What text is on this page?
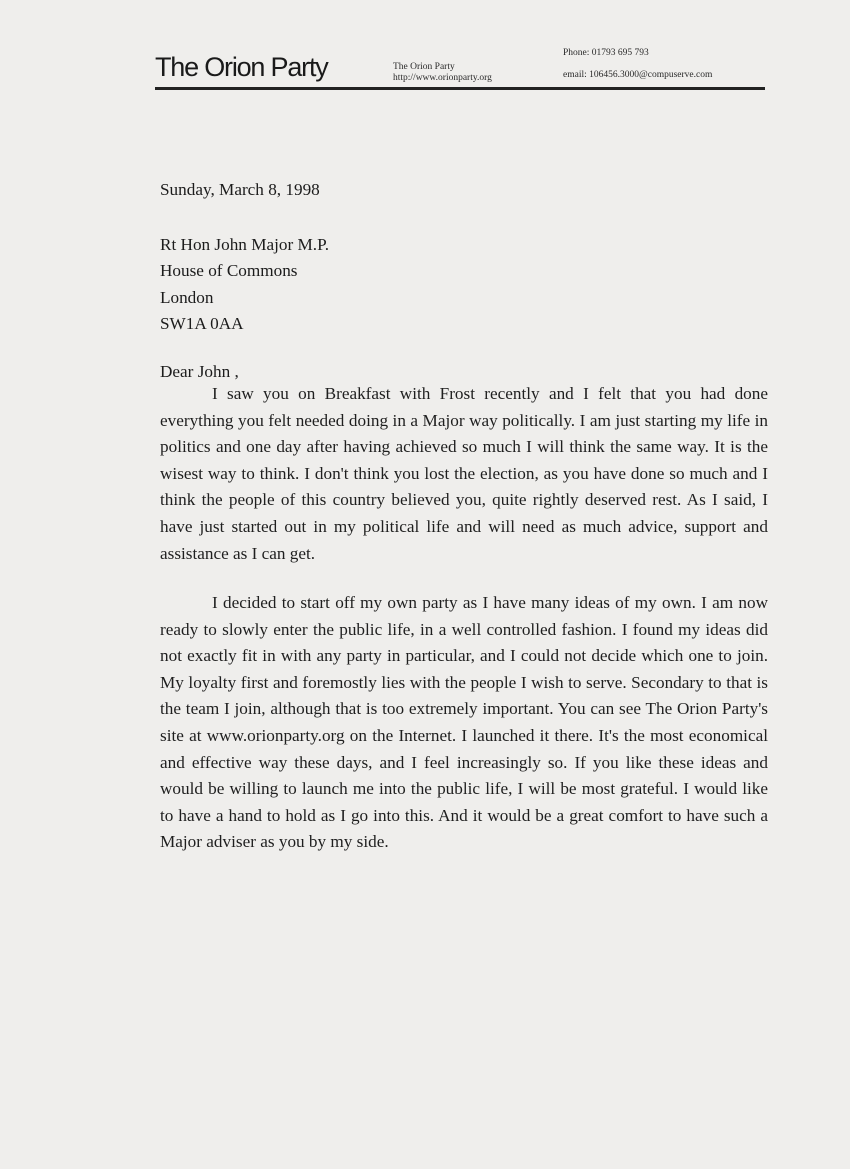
The Orion Party	The Orion Party
http://www.orionparty.org
Phone: 01793 695 793
email: 106456.3000@compuserve.com
Sunday, March 8, 1998
Rt Hon John Major M.P.
House of Commons
London
SW1A 0AA
Dear John ,

I saw you on Breakfast with Frost recently and I felt that you had done everything you felt needed doing in a Major way politically. I am just starting my life in politics and one day after having achieved so much I will think the same way. It is the wisest way to think. I don't think you lost the election, as you have done so much and I think the people of this country believed you, quite rightly deserved rest. As I said, I have just started out in my political life and will need as much advice, support and assistance as I can get.

I decided to start off my own party as I have many ideas of my own. I am now ready to slowly enter the public life, in a well controlled fashion. I found my ideas did not exactly fit in with any party in particular, and I could not decide which one to join. My loyalty first and foremostly lies with the people I wish to serve. Secondary to that is the team I join, although that is too extremely important. You can see The Orion Party's site at www.orionparty.org on the Internet. I launched it there. It's the most economical and effective way these days, and I feel increasingly so. If you like these ideas and would be willing to launch me into the public life, I will be most grateful. I would like to have a hand to hold as I go into this. And it would be a great comfort to have such a Major adviser as you by my side.
